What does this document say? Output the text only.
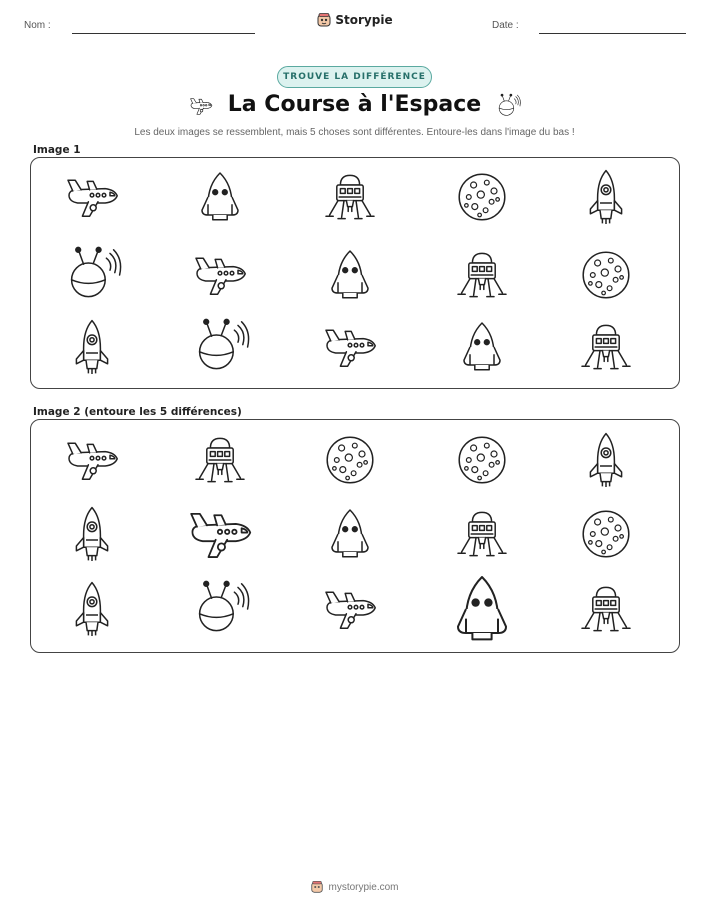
Nom :	Storypie	Date :
TROUVE LA DIFFÉRENCE
La Course à l'Espace
Les deux images se ressemblent, mais 5 choses sont différentes. Entoure-les dans l'image du bas !
Image 1
Image 2 (entoure les 5 différences)
mystorypie.com
